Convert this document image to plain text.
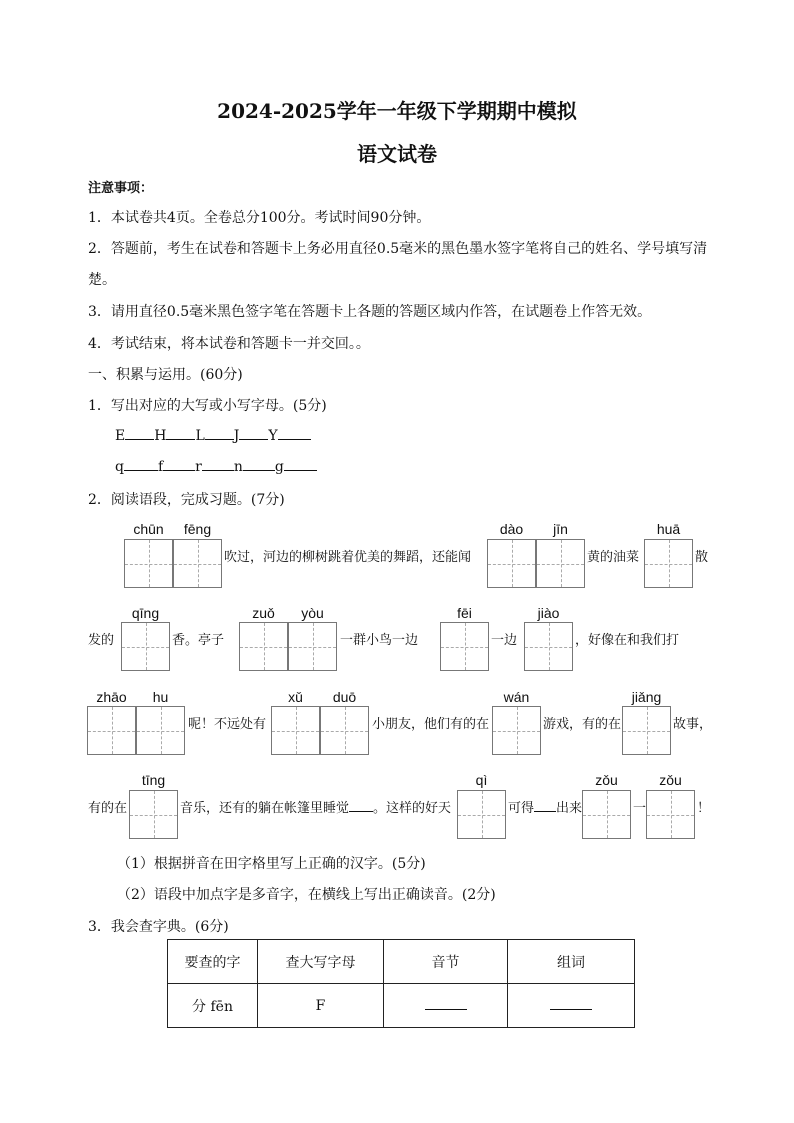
2024-2025学年一年级下学期期中模拟
语文试卷
注意事项：
1．本试卷共4页。全卷总分100分。考试时间90分钟。
2．答题前，考生在试卷和答题卡上务必用直径0.5毫米的黑色墨水签字笔将自己的姓名、学号填写清
楚。
3．请用直径0.5毫米黑色签字笔在答题卡上各题的答题区域内作答，在试题卷上作答无效。
4．考试结束，将本试卷和答题卡一并交回。。
一、积累与运用。(60分)
1．写出对应的大写或小写字母。(5分)
E H L J Y
q f r n g
2．阅读语段，完成习题。(7分)
chūn	fēng
吹过，河边的柳树跳着优美的舞蹈，还能闻
dào	jīn
黄的油菜
huā
散
发的
qīng
香。亭子
zuǒ	yòu
一群小鸟一边
fēi
一边
jiào
，好像在和我们打
zhāo	hu
呢！不远处有
xǔ	duō
小朋友，他们有的在
wán
游戏，有的在
jiǎng
故事，
有的在
tīng
音乐，还有的躺在帐篷里睡觉 。这样的好天
qì
可得 出来
zǒu
一
zǒu
！
（1）根据拼音在田字格里写上正确的汉字。(5分)
（2）语段中加点字是多音字，在横线上写出正确读音。(2分)
3．我会查字典。(6分)
要查的字	查大写字母	音节	组词
分 fēn	F		
